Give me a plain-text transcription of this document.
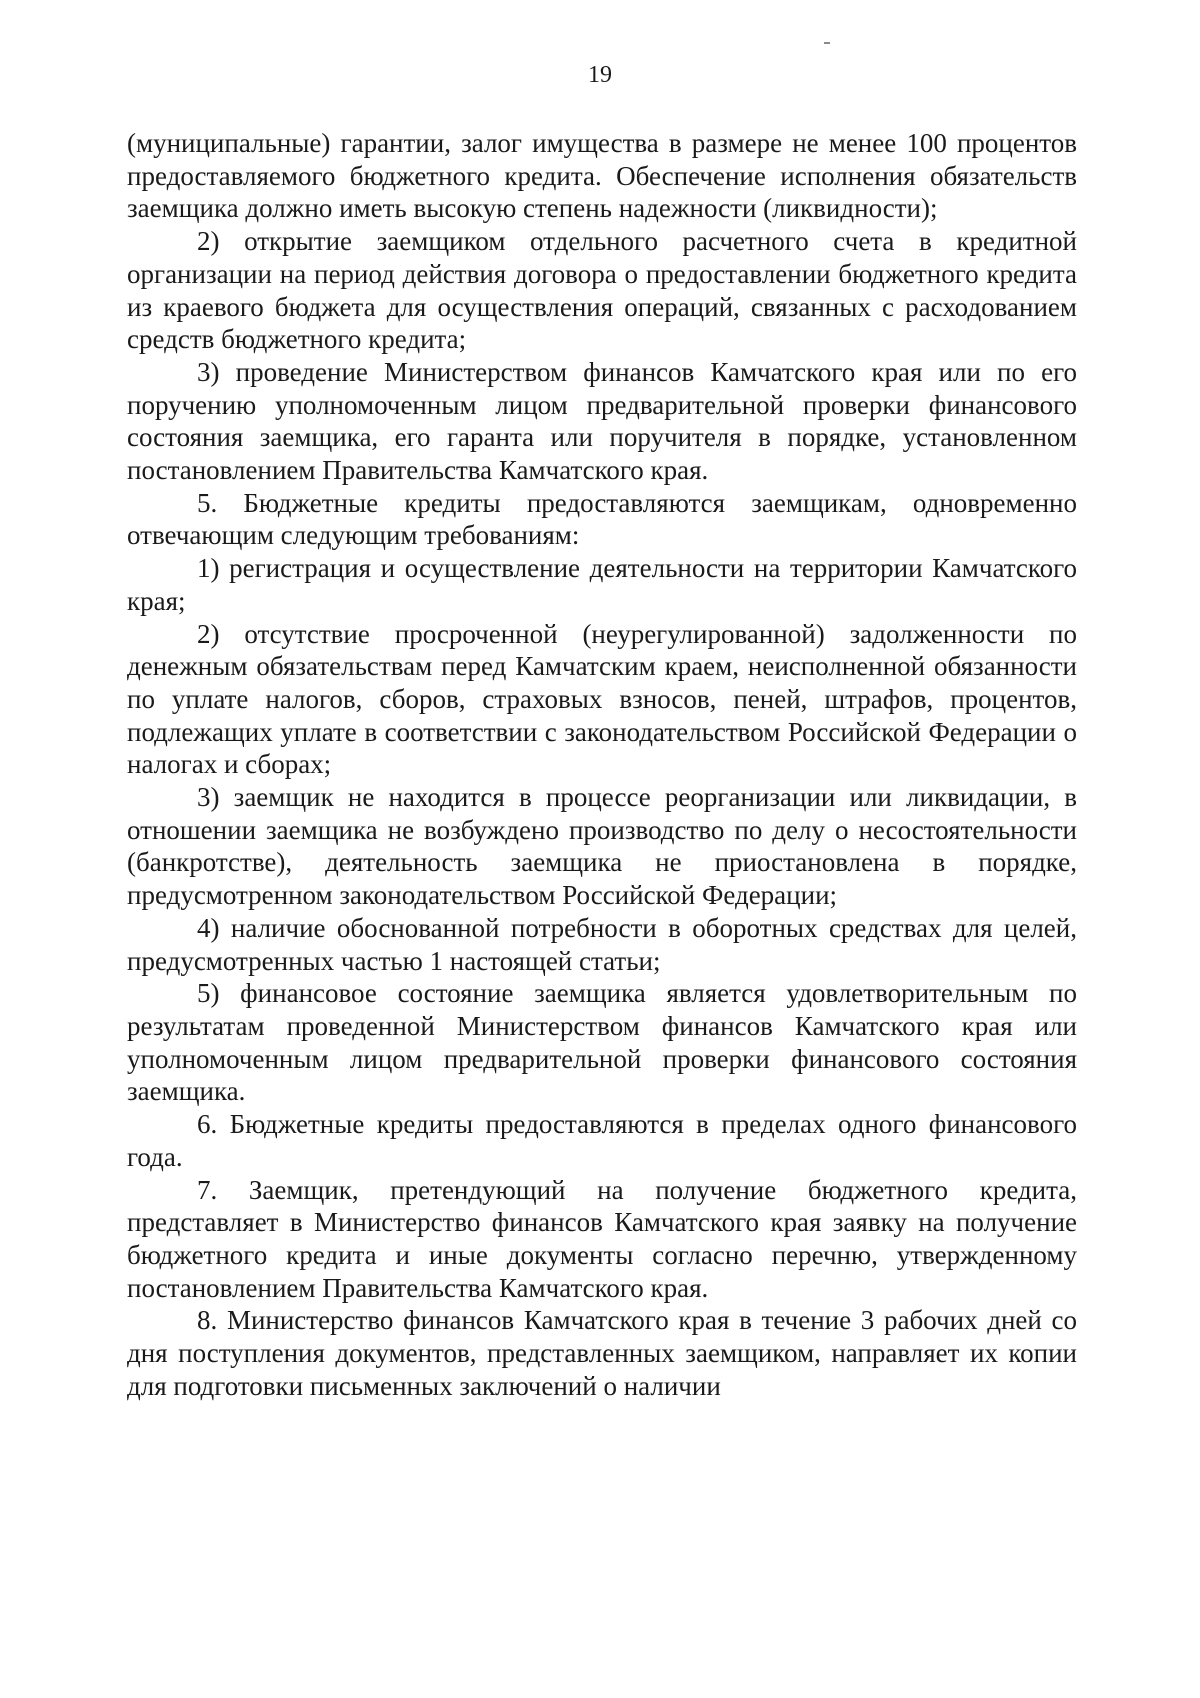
19

(муниципальные) гарантии, залог имущества в размере не менее 100 процентов предоставляемого бюджетного кредита. Обеспечение исполнения обязательств заемщика должно иметь высокую степень надежности (ликвидности);

2) открытие заемщиком отдельного расчетного счета в кредитной организации на период действия договора о предоставлении бюджетного кредита из краевого бюджета для осуществления операций, связанных с расходованием средств бюджетного кредита;

3) проведение Министерством финансов Камчатского края или по его поручению уполномоченным лицом предварительной проверки финансового состояния заемщика, его гаранта или поручителя в порядке, установленном постановлением Правительства Камчатского края.

5. Бюджетные кредиты предоставляются заемщикам, одновременно отвечающим следующим требованиям:

1) регистрация и осуществление деятельности на территории Камчатского края;

2) отсутствие просроченной (неурегулированной) задолженности по денежным обязательствам перед Камчатским краем, неисполненной обязанности по уплате налогов, сборов, страховых взносов, пеней, штрафов, процентов, подлежащих уплате в соответствии с законодательством Российской Федерации о налогах и сборах;

3) заемщик не находится в процессе реорганизации или ликвидации, в отношении заемщика не возбуждено производство по делу о несостоятельности (банкротстве), деятельность заемщика не приостановлена в порядке, предусмотренном законодательством Российской Федерации;

4) наличие обоснованной потребности в оборотных средствах для целей, предусмотренных частью 1 настоящей статьи;

5) финансовое состояние заемщика является удовлетворительным по результатам проведенной Министерством финансов Камчатского края или уполномоченным лицом предварительной проверки финансового состояния заемщика.

6. Бюджетные кредиты предоставляются в пределах одного финансового года.

7. Заемщик, претендующий на получение бюджетного кредита, представляет в Министерство финансов Камчатского края заявку на получение бюджетного кредита и иные документы согласно перечню, утвержденному постановлением Правительства Камчатского края.

8. Министерство финансов Камчатского края в течение 3 рабочих дней со дня поступления документов, представленных заемщиком, направляет их копии для подготовки письменных заключений о наличии
